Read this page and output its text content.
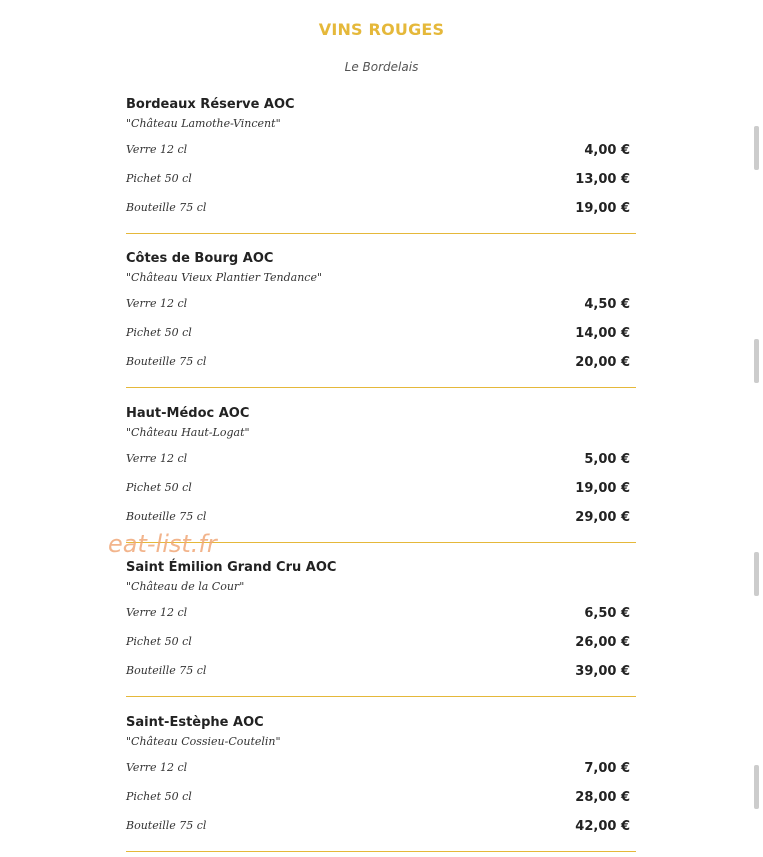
VINS ROUGES
Le Bordelais
Bordeaux Réserve AOC
"Château Lamothe-Vincent"
Verre 12 cl	4,00 €
Pichet 50 cl	13,00 €
Bouteille 75 cl	19,00 €
Côtes de Bourg AOC
"Château Vieux Plantier Tendance"
Verre 12 cl	4,50 €
Pichet 50 cl	14,00 €
Bouteille 75 cl	20,00 €
Haut-Médoc AOC
"Château Haut-Logat"
Verre 12 cl	5,00 €
Pichet 50 cl	19,00 €
Bouteille 75 cl	29,00 €
Saint Émilion Grand Cru AOC
"Château de la Cour"
Verre 12 cl	6,50 €
Pichet 50 cl	26,00 €
Bouteille 75 cl	39,00 €
Saint-Estèphe AOC
"Château Cossieu-Coutelin"
Verre 12 cl	7,00 €
Pichet 50 cl	28,00 €
Bouteille 75 cl	42,00 €
eat-list.fr
